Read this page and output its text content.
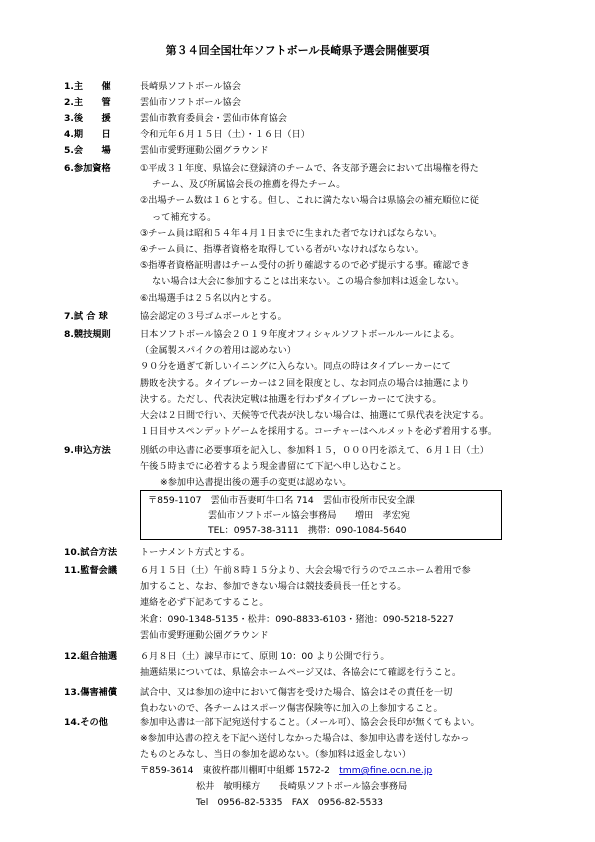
第３４回全国壮年ソフトボール長崎県予選会開催要項
1.主　　催	長崎県ソフトボール協会
2.主　　管	雲仙市ソフトボール協会
3.後　　援	雲仙市教育委員会・雲仙市体育協会
4.期　　日	令和元年６月１５日（土）・１６日（日）
5.会　　場	雲仙市愛野運動公園グラウンド
6.参加資格	①平成３１年度、県協会に登録済のチームで、各支部予選会において出場権を得た
チーム、及び所属協会長の推薦を得たチーム。
②出場チーム数は１６とする。但し、これに満たない場合は県協会の補充順位に従
って補充する。
③チーム員は昭和５４年４月１日までに生まれた者でなければならない。
④チーム員に、指導者資格を取得している者がいなければならない。
⑤指導者資格証明書はチーム受付の折り確認するので必ず提示する事。確認でき
ない場合は大会に参加することは出来ない。この場合参加料は返金しない。
⑥出場選手は２５名以内とする。
7.試 合 球	協会認定の３号ゴムボールとする。
8.競技規則	日本ソフトボール協会２０１９年度オフィシャルソフトボールルールによる。
（金属製スパイクの着用は認めない）
９０分を過ぎて新しいイニングに入らない。同点の時はタイブレーカーにて
勝敗を決する。タイブレーカーは２回を限度とし、なお同点の場合は抽選により
決する。ただし、代表決定戦は抽選を行わずタイブレーカーにて決する。
大会は２日間で行い、天候等で代表が決しない場合は、抽選にて県代表を決定する。
１日目サスペンデットゲームを採用する。コーチャーはヘルメットを必ず着用する事。
9.申込方法	別紙の申込書に必要事項を記入し、参加料１５，０００円を添えて、６月１日（土）
午後５時までに必着するよう現金書留にて下記へ申し込むこと。
※参加申込書提出後の選手の変更は認めない。
10.試合方法 トーナメント方式とする。
11.監督会議 ６月１５日（土）午前８時１５分より、大会会場で行うのでユニホーム着用で参
加すること、なお、参加できない場合は競技委員長一任とする。
連絡を必ず下記あてすること。
米倉：090-1348-5135・松井：090-8833-6103・猪池：090-5218-5227
雲仙市愛野運動公園グラウンド
12.組合抽選 ６月８日（土）諫早市にて、原則 10：00 より公開で行う。
抽選結果については、県協会ホームページ又は、各協会にて確認を行うこと。
13.傷害補償 試合中、又は参加の途中において傷害を受けた場合、協会はその責任を一切
負わないので、各チームはスポーツ傷害保険等に加入の上参加すること。
14.その他	参加申込書は一部下記宛送付すること。（メール可）、協会会長印が無くてもよい。
※参加申込書の控えを下記へ送付しなかった場合は、参加申込書を送付しなかっ
たものとみなし、当日の参加を認めない。（参加料は返金しない）
〒859-1107　雲仙市吾妻町牛口名 714　雲仙市役所市民安全課
雲仙市ソフトボール協会事務局　　増田　孝宏宛
TEL：0957-38-3111　携帯：090-1084-5640
〒859-3614　東彼杵郡川棚町中組郷 1572-2　 tmm@fine.ocn.ne.jp
松井　敏明様方　　長崎県ソフトボール協会事務局
Tel　0956-82-5335　FAX　0956-82-5533
